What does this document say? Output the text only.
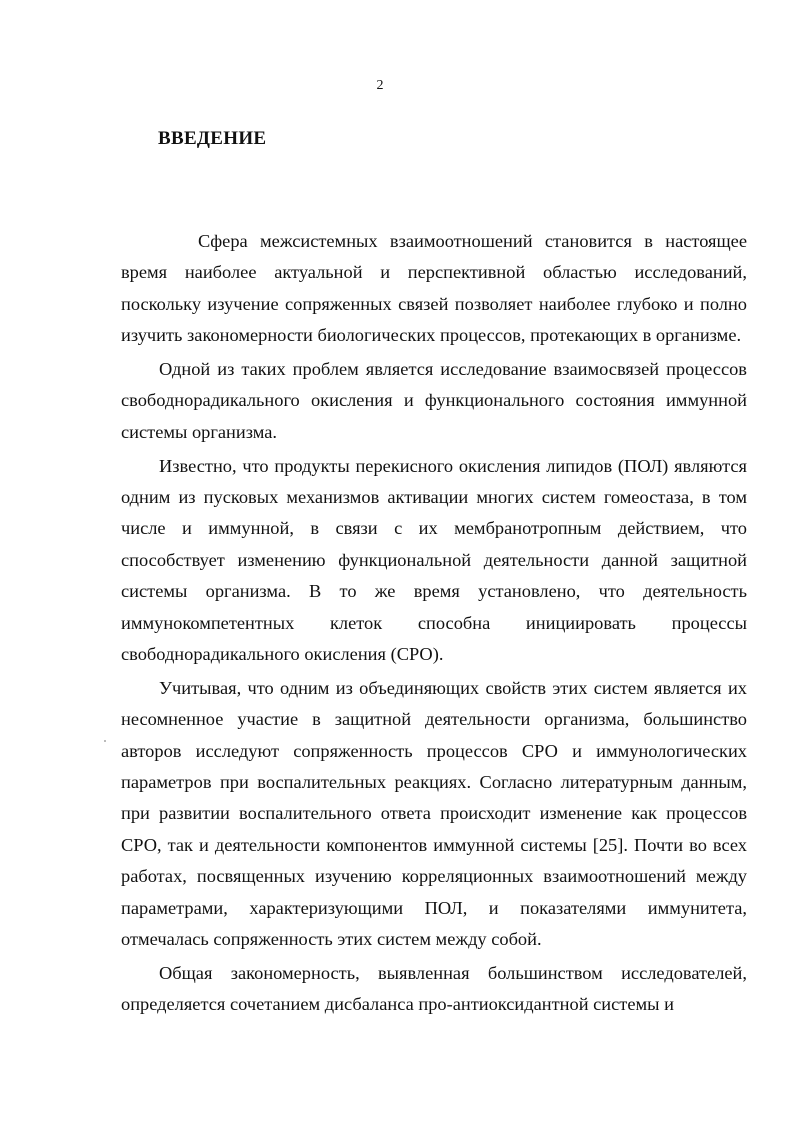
2
ВВЕДЕНИЕ

Сфера межсистемных взаимоотношений становится в настоящее время наиболее актуальной и перспективной областью исследований, поскольку изучение сопряженных связей позволяет наиболее глубоко и полно изучить закономерности биологических процессов, протекающих в организме.

Одной из таких проблем является исследование взаимосвязей процессов свободнорадикального окисления и функционального состояния иммунной системы организма.

Известно, что продукты перекисного окисления липидов (ПОЛ) являются одним из пусковых механизмов активации многих систем гомеостаза, в том числе и иммунной, в связи с их мембранотропным действием, что способствует изменению функциональной деятельности данной защитной системы организма. В то же время установлено, что деятельность иммунокомпетентных клеток способна инициировать процессы свободнорадикального окисления (СРО).

Учитывая, что одним из объединяющих свойств этих систем является их несомненное участие в защитной деятельности организма, большинство авторов исследуют сопряженность процессов СРО и иммунологических параметров при воспалительных реакциях. Согласно литературным данным, при развитии воспалительного ответа происходит изменение как процессов СРО, так и деятельности компонентов иммунной системы [25]. Почти во всех работах, посвященных изучению корреляционных взаимоотношений между параметрами, характеризующими ПОЛ, и показателями иммунитета, отмечалась сопряженность этих систем между собой.

Общая закономерность, выявленная большинством исследователей, определяется сочетанием дисбаланса про-антиоксидантной системы и
